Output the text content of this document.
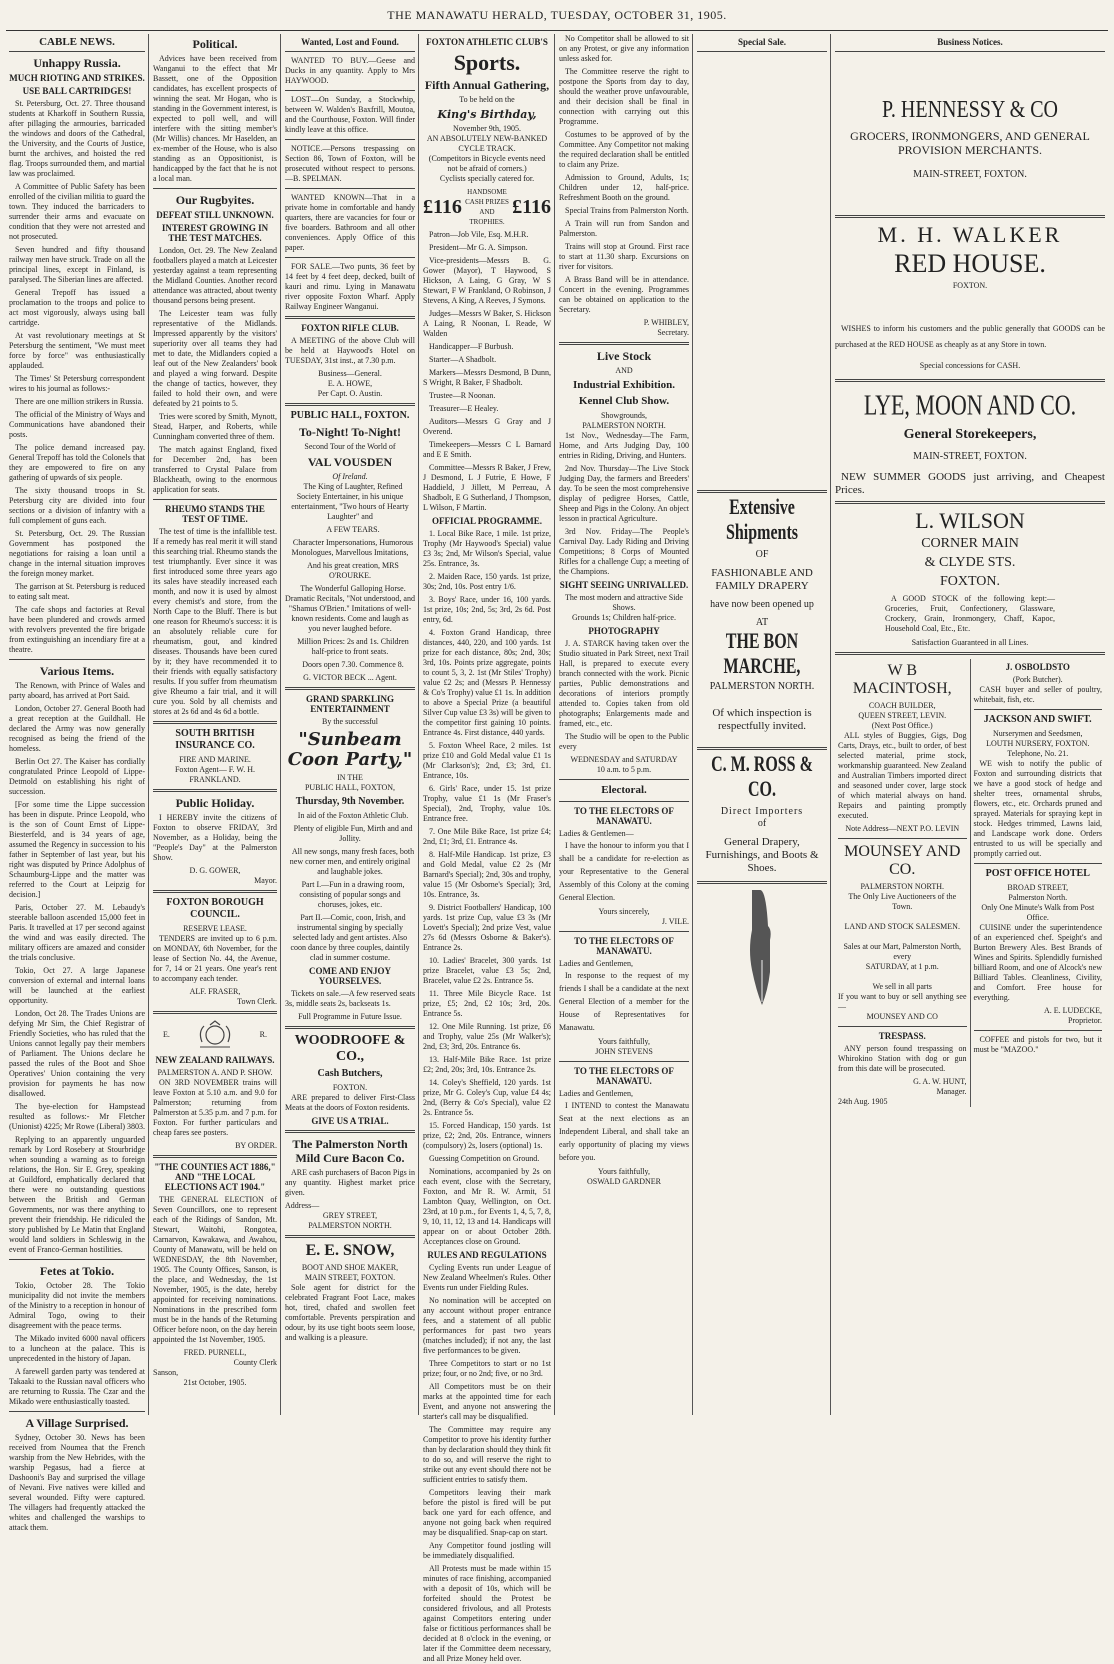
THE MANAWATU HERALD, TUESDAY, OCTOBER 31, 1905.
CABLE NEWS.
Unhappy Russia.
MUCH RIOTING AND STRIKES.
USE BALL CARTRIDGES!

St. Petersburg, Oct. 27. Three thousand students at Kharkoff in Southern Russia, after pillaging the armouries, barricaded the windows and doors of the Cathedral, the University, and the Courts of Justice, burnt the archives, and hoisted the red flag. Troops surrounded them, and martial law was proclaimed.

A Committee of Public Safety has been enrolled of the civilian militia to guard the town. They induced the barricaders to surrender their arms and evacuate on condition that they were not arrested and not prosecuted.

Seven hundred and fifty thousand railway men have struck. Trade on all the principal lines, except in Finland, is paralysed. The Siberian lines are affected.

General Trepoff has issued a proclamation to the troops and police to act most vigorously, always using ball cartridge.

At vast revolutionary meetings at St Petersburg the sentiment, "We must meet force by force" was enthusiastically applauded.

The Times' St Petersburg correspondent wires to his journal as follows:-

There are one million strikers in Russia.

The official of the Ministry of Ways and Communications have abandoned their posts.

The police demand increased pay. General Trepoff has told the Colonels that they are empowered to fire on any gathering of upwards of six people.

The sixty thousand troops in St. Petersburg city are divided into four sections or a division of infantry with a full complement of guns each.

St. Petersburg, Oct. 29. The Russian Government has postponed the negotiations for raising a loan until a change in the internal situation improves the foreign money market.

The garrison at St. Petersburg is reduced to eating salt meat.

The cafe shops and factories at Reval have been plundered and crowds armed with revolvers prevented the fire brigade from extinguishing an incendiary fire at a theatre.

Various Items.

The Renown, with Prince of Wales and party aboard, has arrived at Port Said.

London, October 27. General Booth had a great reception at the Guildhall. He declared the Army was now generally recognised as being the friend of the homeless.

Berlin Oct 27. The Kaiser has cordially congratulated Prince Leopold of Lippe-Detmold on establishing his right of succession.

[For some time the Lippe succession has been in dispute. Prince Leopold, who is the son of Count Ernst of Lippe-Biesterfeld, and is 34 years of age, assumed the Regency in succession to his father in September of last year, but his right was disputed by Prince Adolphus of Schaumburg-Lippe and the matter was referred to the Court at Leipzig for decision.]

Paris, October 27. M. Lebaudy's steerable balloon ascended 15,000 feet in Paris. It travelled at 17 per second against the wind and was easily directed. The military officers are amazed and consider the trials conclusive.

Tokio, Oct 27. A large Japanese conversion of external and internal loans will be launched at the earliest opportunity.

London, Oct 28. The Trades Unions are defying Mr Sim, the Chief Registrar of Friendly Societies, who has ruled that the Unions cannot legally pay their members of Parliament. The Unions declare he passed the rules of the Boot and Shoe Operatives' Union containing the very provision for payments he has now disallowed.

The bye-election for Hampstead resulted as follows:- Mr Fletcher (Unionist) 4225; Mr Rowe (Liberal) 3803.

Replying to an apparently unguarded remark by Lord Rosebery at Stourbridge when sounding a warning as to foreign relations, the Hon. Sir E. Grey, speaking at Guildford, emphatically declared that there were no outstanding questions between the British and German Governments, nor was there anything to prevent their friendship. He ridiculed the story published by Le Matin that England would land soldiers in Schleswig in the event of Franco-German hostilities.

Fetes at Tokio.

Tokio, October 28. The Tokio municipality did not invite the members of the Ministry to a reception in honour of Admiral Togo, owing to their disagreement with the peace terms.

The Mikado invited 6000 naval officers to a luncheon at the palace. This is unprecedented in the history of Japan.

A farewell garden party was tendered at Takaaki to the Russian naval officers who are returning to Russia. The Czar and the Mikado were enthusiastically toasted.

A Village Surprised.

Sydney, October 30. News has been received from Noumea that the French warship from the New Hebrides, with the warship Pegasus, had a fierce at Dashooni's Bay and surprised the village of Nevani. Five natives were killed and several wounded. Fifty were captured. The villagers had frequently attacked the whites and challenged the warships to attack them.

Political.

Advices have been received from Wanganui to the effect that Mr Bassett, one of the Opposition candidates, has excellent prospects of winning the seat. Mr Hogan, who is standing in the Government interest, is expected to poll well, and will interfere with the sitting member's (Mr Willis) chances. Mr Haselden, an ex-member of the House, who is also standing as an Oppositionist, is handicapped by the fact that he is not a local man.

Our Rugbyites.
DEFEAT STILL UNKNOWN.
INTEREST GROWING IN THE TEST MATCHES.

London, Oct. 29. The New Zealand footballers played a match at Leicester yesterday against a team representing the Midland Counties. Another record attendance was attracted, about twenty thousand persons being present.

The Leicester team was fully representative of the Midlands. Impressed apparently by the visitors' superiority over all teams they had met to date, the Midlanders copied a leaf out of the New Zealanders' book and played a wing forward. Despite the change of tactics, however, they failed to hold their own, and were defeated by 21 points to 5.

Tries were scored by Smith, Mynott, Stead, Harper, and Roberts, while Cunningham converted three of them.

The match against England, fixed for December 2nd, has been transferred to Crystal Palace from Blackheath, owing to the enormous application for seats.

RHEUMO STANDS THE TEST OF TIME.

The test of time is the infallible test. If a remedy has real merit it will stand this searching trial. Rheumo stands the test triumphantly. Ever since it was first introduced some three years ago its sales have steadily increased each month, and now it is used by almost every chemist's and store, from the North Cape to the Bluff. There is but one reason for Rheumo's success: it is an absolutely reliable cure for rheumatism, gout, and kindred diseases. Thousands have been cured by it; they have recommended it to their friends with equally satisfactory results. If you suffer from rheumatism give Rheumo a fair trial, and it will cure you. Sold by all chemists and stores at 2s 6d and 4s 6d a bottle.

SOUTH BRITISH INSURANCE CO.
FIRE AND MARINE.
Foxton Agent— F. W. H. FRANKLAND.
Public Holiday.

I HEREBY invite the citizens of Foxton to observe FRIDAY, 3rd November, as a Holiday, being the "People's Day" at the Palmerston Show.

D. G. GOWER,
Mayor.
FOXTON BOROUGH COUNCIL.
RESERVE LEASE.

TENDERS are invited up to 6 p.m. on MONDAY, 6th November, for the lease of Section No. 44, the Avenue, for 7, 14 or 21 years. One year's rent to accompany each tender.

ALF. FRASER,
Town Clerk.
E.	R.
NEW ZEALAND RAILWAYS.
PALMERSTON A. AND P. SHOW.

ON 3RD NOVEMBER trains will leave Foxton at 5.10 a.m. and 9.0 for Palmerston; returning from Palmerston at 5.35 p.m. and 7 p.m. for Foxton. For further particulars and cheap fares see posters.

BY ORDER.
"THE COUNTIES ACT 1886," AND "THE LOCAL ELECTIONS ACT 1904."

THE GENERAL ELECTION of Seven Councillors, one to represent each of the Ridings of Sandon, Mt. Stewart, Waitohi, Rongotea, Carnarvon, Kawakawa, and Awahou, County of Manawatu, will be held on WEDNESDAY, the 8th November, 1905. The County Offices, Sanson, is the place, and Wednesday, the 1st November, 1905, is the date, hereby appointed for receiving nominations. Nominations in the prescribed form must be in the hands of the Returning Officer before noon, on the day herein appointed the 1st November, 1905.

FRED. PURNELL,
County Clerk
Sanson,
21st October, 1905.
Wanted, Lost and Found.

WANTED TO BUY.—Geese and Ducks in any quantity. Apply to Mrs HAYWOOD.

LOST—On Sunday, a Stockwhip, between W. Walden's Baxfrill, Moutoa, and the Courthouse, Foxton. Will finder kindly leave at this office.

NOTICE.—Persons trespassing on Section 86, Town of Foxton, will be prosecuted without respect to persons. —B. SPELMAN.

WANTED KNOWN—That in a private home in comfortable and handy quarters, there are vacancies for four or five boarders. Bathroom and all other conveniences. Apply Office of this paper.

FOR SALE.—Two punts, 36 feet by 14 feet by 4 feet deep, decked, built of kauri and rimu. Lying in Manawatu river opposite Foxton Wharf. Apply Railway Engineer Wanganui.

FOXTON RIFLE CLUB.

A MEETING of the above Club will be held at Haywood's Hotel on TUESDAY, 31st inst., at 7.30 p.m.

Business—General.
E. A. HOWE,
Per Capt. O. Austin.
PUBLIC HALL, FOXTON.
To-Night! To-Night!
Second Tour of the World of
VAL VOUSDEN
Of Ireland.

The King of Laughter, Refined Society Entertainer, in his unique entertainment, "Two hours of Hearty Laughter" and

A FEW TEARS.

Character Impersonations, Humorous Monologues, Marvellous Imitations,

And his great creation, MRS O'ROURKE.

The Wonderful Galloping Horse. Dramatic Recitals, "Not understood, and "Shamus O'Brien." Imitations of well-known residents. Come and laugh as you never laughed before.

Million Prices: 2s and 1s. Children half-price to front seats.

Doors open 7.30. Commence 8.

G. VICTOR BECK ... Agent.
GRAND SPARKLING ENTERTAINMENT
By the successful
"Sunbeam Coon Party,"
IN THE
PUBLIC HALL, FOXTON,
Thursday, 9th November.

In aid of the Foxton Athletic Club.

Plenty of eligible Fun, Mirth and and Jollity.

All new songs, many fresh faces, both new corner men, and entirely original and laughable jokes.

Part I.—Fun in a drawing room, consisting of popular songs and choruses, jokes, etc.

Part II.—Comic, coon, Irish, and instrumental singing by specially selected lady and gent artistes. Also coon dance by three couples, daintily clad in summer costume.

COME AND ENJOY YOURSELVES.

Tickets on sale.—A few reserved seats 3s, middle seats 2s, backseats 1s.

Full Programme in Future Issue.
WOODROOFE & CO.,
Cash Butchers,
FOXTON.

ARE prepared to deliver First-Class Meats at the doors of Foxton residents.

GIVE US A TRIAL.
The Palmerston North Mild Cure Bacon Co.

ARE cash purchasers of Bacon Pigs in any quantity. Highest market price given.

Address—
GREY STREET,
PALMERSTON NORTH.
E. E. SNOW,
BOOT AND SHOE MAKER,
MAIN STREET, FOXTON.

Sole agent for district for the celebrated Fragrant Foot Lace, makes hot, tired, chafed and swollen feet comfortable. Prevents perspiration and odour, by its use tight boots seem loose, and walking is a pleasure.

FOXTON ATHLETIC CLUB'S
Sports.
Fifth Annual Gathering,
To be held on the
King's Birthday,
November 9th, 1905.
AN ABSOLUTELY NEW-BANKED CYCLE TRACK.
(Competitors in Bicycle events need not be afraid of corners.)
Cyclists specially catered for.
£116
HANDSOME CASH PRIZES AND TROPHIES.
£116

Patron—Job Vile, Esq. M.H.R.

President—Mr G. A. Simpson.

Vice-presidents—Messrs B. G. Gower (Mayor), T Haywood, S Hickson, A Laing, G Gray, W S Stewart, F W Frankland, O Robinson, J Stevens, A King, A Reeves, J Symons.

Judges—Messrs W Baker, S. Hickson A Laing, R Noonan, L Reade, W Walden

Handicapper—F Burbush.

Starter—A Shadbolt.

Markers—Messrs Desmond, B Dunn, S Wright, R Baker, F Shadbolt.

Trustee—R Noonan.

Treasurer—E Healey.

Auditors—Messrs G Gray and J Overend.

Timekeepers—Messrs C L Barnard and E E Smith.

Committee—Messrs R Baker, J Frew, J Desmond, L J Futrie, E Howe, F Haddield, J Jillett, M Perreau, A Shadbolt, E G Sutherland, J Thompson, L Wilson, F Martin.

OFFICIAL PROGRAMME.

1. Local Bike Race, 1 mile. 1st prize, Trophy (Mr Haywood's Special) value £3 3s; 2nd, Mr Wilson's Special, value 25s. Entrance, 3s.

2. Maiden Race, 150 yards. 1st prize, 30s; 2nd, 10s. Post entry 1/6.

3. Boys' Race, under 16, 100 yards. 1st prize, 10s; 2nd, 5s; 3rd, 2s 6d. Post entry, 6d.

4. Foxton Grand Handicap, three distances, 440, 220, and 100 yards. 1st prize for each distance, 80s; 2nd, 30s; 3rd, 10s. Points prize aggregate, points to count 5, 3, 2. 1st (Mr Stiles' Trophy) value £2 2s; and (Messrs P. Hennessy & Co's Trophy) value £1 1s. In addition to above a Special Prize (a beautiful Silver Cup value £3 3s) will be given to the competitor first gaining 10 points. Entrance 4s. First distance, 440 yards.

5. Foxton Wheel Race, 2 miles. 1st prize £10 and Gold Medal value £1 1s (Mr Clarkson's); 2nd, £3; 3rd, £1. Entrance, 10s.

6. Girls' Race, under 15. 1st prize Trophy, value £1 1s (Mr Fraser's Special), 2nd, Trophy, value 10s. Entrance free.

7. One Mile Bike Race, 1st prize £4; 2nd, £1; 3rd, £1. Entrance 4s.

8. Half-Mile Handicap. 1st prize, £3 and Gold Medal, value £2 2s (Mr Barnard's Special); 2nd, 30s and trophy, value 15 (Mr Osborne's Special); 3rd, 10s. Entrance, 3s.

9. District Footballers' Handicap, 100 yards. 1st prize Cup, value £3 3s (Mr Lovett's Special); 2nd prize Vest, value 27s 6d (Messrs Osborne & Baker's). Entrance 2s.

10. Ladies' Bracelet, 300 yards. 1st prize Bracelet, value £3 5s; 2nd, Bracelet, value £2 2s. Entrance 5s.

11. Three Mile Bicycle Race. 1st prize, £5; 2nd, £2 10s; 3rd, 20s. Entrance 5s.

12. One Mile Running. 1st prize, £6 and Trophy, value 25s (Mr Walker's); 2nd, £3; 3rd, 20s. Entrance 6s.

13. Half-Mile Bike Race. 1st prize £2; 2nd, 20s; 3rd, 10s. Entrance 2s.

14. Coley's Sheffield, 120 yards. 1st prize, Mr G. Coley's Cup, value £4 4s; 2nd, (Berry & Co's Special), value £2 2s. Entrance 5s.

15. Forced Handicap, 150 yards. 1st prize, £2; 2nd, 20s. Entrance, winners (compulsory) 2s, losers (optional) 1s.

Guessing Competition on Ground.

Nominations, accompanied by 2s on each event, close with the Secretary, Foxton, and Mr R. W. Armit, 51 Lambton Quay, Wellington, on Oct. 23rd, at 10 p.m., for Events 1, 4, 5, 7, 8, 9, 10, 11, 12, 13 and 14. Handicaps will appear on or about October 28th. Acceptances close on Ground.

RULES AND REGULATIONS

Cycling Events run under League of New Zealand Wheelmen's Rules. Other Events run under Fielding Rules.

No nomination will be accepted on any account without proper entrance fees, and a statement of all public performances for past two years (matches included); if not any, the last five performances to be given.

Three Competitors to start or no 1st prize; four, or no 2nd; five, or no 3rd.

All Competitors must be on their marks at the appointed time for each Event, and anyone not answering the starter's call may be disqualified.

The Committee may require any Competitor to prove his identity further than by declaration should they think fit to do so, and will reserve the right to strike out any event should there not be sufficient entries to satisfy them.

Competitors leaving their mark before the pistol is fired will be put back one yard for each offence, and anyone not going back when required may be disqualified. Snap-cap on start.

Any Competitor found jostling will be immediately disqualified.

All Protests must be made within 15 minutes of race finishing, accompanied with a deposit of 10s, which will be forfeited should the Protest be considered frivolous, and all Protests against Competitors entering under false or fictitious performances shall be decided at 8 o'clock in the evening, or later if the Committee deem necessary, and all Prize Money held over.

No Competitor shall be allowed to sit on any Protest, or give any information unless asked for.

The Committee reserve the right to postpone the Sports from day to day, should the weather prove unfavourable, and their decision shall be final in connection with carrying out this Programme.

Costumes to be approved of by the Committee. Any Competitor not making the required declaration shall be entitled to claim any Prize.

Admission to Ground, Adults, 1s; Children under 12, half-price. Refreshment Booth on the ground.

Special Trains from Palmerston North.

A Train will run from Sandon and Palmerston.

Trains will stop at Ground. First race to start at 11.30 sharp. Excursions on river for visitors.

A Brass Band will be in attendance. Concert in the evening. Programmes can be obtained on application to the Secretary.

P. WHIBLEY,
Secretary.
Live Stock
AND
Industrial Exhibition.
Kennel Club Show.
Showgrounds,
PALMERSTON NORTH.

1st Nov., Wednesday—The Farm, Home, and Arts Judging Day, 100 entries in Riding, Driving, and Hunters.

2nd Nov. Thursday—The Live Stock Judging Day, the farmers and Breeders' day. To be seen the most comprehensive display of pedigree Horses, Cattle, Sheep and Pigs in the Colony. An object lesson in practical Agriculture.

3rd Nov. Friday—The People's Carnival Day. Lady Riding and Driving Competitions; 8 Corps of Mounted Rifles for a challenge Cup; a meeting of the Champions.

SIGHT SEEING UNRIVALLED.
The most modern and attractive Side Shows.
Grounds 1s; Children half-price.
PHOTOGRAPHY

J. A. STARCK having taken over the Studio situated in Park Street, next Trail Hall, is prepared to execute every branch connected with the work. Picnic parties, Public demonstrations and decorations of interiors promptly attended to. Copies taken from old photographs; Enlargements made and framed, etc., etc.

The Studio will be open to the Public every

WEDNESDAY and SATURDAY
10 a.m. to 5 p.m.
Electoral.
TO THE ELECTORS OF MANAWATU.
Ladies & Gentlemen—

I have the honour to inform you that I shall be a candidate for re-election as your Representative to the General Assembly of this Colony at the coming General Election.

Yours sincerely,
J. VILE.
TO THE ELECTORS OF MANAWATU.
Ladies and Gentlemen,

In response to the request of my friends I shall be a candidate at the next General Election of a member for the House of Representatives for Manawatu.

Yours faithfully,
JOHN STEVENS
TO THE ELECTORS OF MANAWATU.
Ladies and Gentlemen,

I INTEND to contest the Manawatu Seat at the next elections as an Independent Liberal, and shall take an early opportunity of placing my views before you.

Yours faithfully,
OSWALD GARDNER
Special Sale.
Extensive Shipments
OF
FASHIONABLE AND FAMILY DRAPERY
have now been opened up
AT
THE BON MARCHE,
PALMERSTON NORTH.
Of which inspection is respectfully invited.
C. M. ROSS & CO.
Direct Importers
of
General Drapery, Furnishings, and Boots & Shoes.
Business Notices.
P. HENNESSY & CO
GROCERS, IRONMONGERS, AND GENERAL PROVISION MERCHANTS.
MAIN-STREET, FOXTON.
M. H. WALKER
RED HOUSE.
FOXTON.

WISHES to inform his customers and the public generally that GOODS can be purchased at the RED HOUSE as cheaply as at any Store in town.

Special concessions for CASH.
LYE, MOON AND CO.
General Storekeepers,
MAIN-STREET, FOXTON.

NEW SUMMER GOODS just arriving, and Cheapest Prices.

L. WILSON
CORNER MAIN
& CLYDE STS.
FOXTON.

A GOOD STOCK of the following kept:— Groceries, Fruit, Confectionery, Glassware, Crockery, Grain, Ironmongery, Chaff, Kapoc, Household Coal, Etc., Etc.

Satisfaction Guaranteed in all Lines.
W B MACINTOSH,
COACH BUILDER,
QUEEN STREET, LEVIN.
(Next Post Office.)

ALL styles of Buggies, Gigs, Dog Carts, Drays, etc., built to order, of best selected material, prime stock, workmanship guaranteed. New Zealand and Australian Timbers imported direct and seasoned under cover, large stock of which material always on hand. Repairs and painting promptly executed.

Note Address—NEXT P.O. LEVIN
MOUNSEY AND CO.
PALMERSTON NORTH.
The Only Live Auctioneers of the Town.
LAND AND STOCK SALESMEN.
Sales at our Mart, Palmerston North, every
SATURDAY, at 1 p.m.
We sell in all parts
If you want to buy or sell anything see—
MOUNSEY AND CO
TRESPASS.

ANY person found trespassing on Whirokino Station with dog or gun from this date will be prosecuted.

G. A. W. HUNT,
Manager.
24th Aug. 1905
J. OSBOLDSTO
(Pork Butcher).

CASH buyer and seller of poultry, whitebait, fish, etc.

JACKSON AND SWIFT.
Nurserymen and Seedsmen,
LOUTH NURSERY, FOXTON.
Telephone, No. 21.

WE wish to notify the public of Foxton and surrounding districts that we have a good stock of hedge and shelter trees, ornamental shrubs, flowers, etc., etc. Orchards pruned and sprayed. Materials for spraying kept in stock. Hedges trimmed, Lawns laid, and Landscape work done. Orders entrusted to us will be specially and promptly carried out.

POST OFFICE HOTEL
BROAD STREET,
Palmerston North.
Only One Minute's Walk from Post Office.

CUISINE under the superintendence of an experienced chef. Speight's and Burton Brewery Ales. Best Brands of Wines and Spirits. Splendidly furnished billiard Room, and one of Alcock's new Billiard Tables. Cleanliness, Civility, and Comfort. Free house for everything.

A. E. LUDECKE,
Proprietor.

COFFEE and pistols for two, but it must be "MAZOO."
